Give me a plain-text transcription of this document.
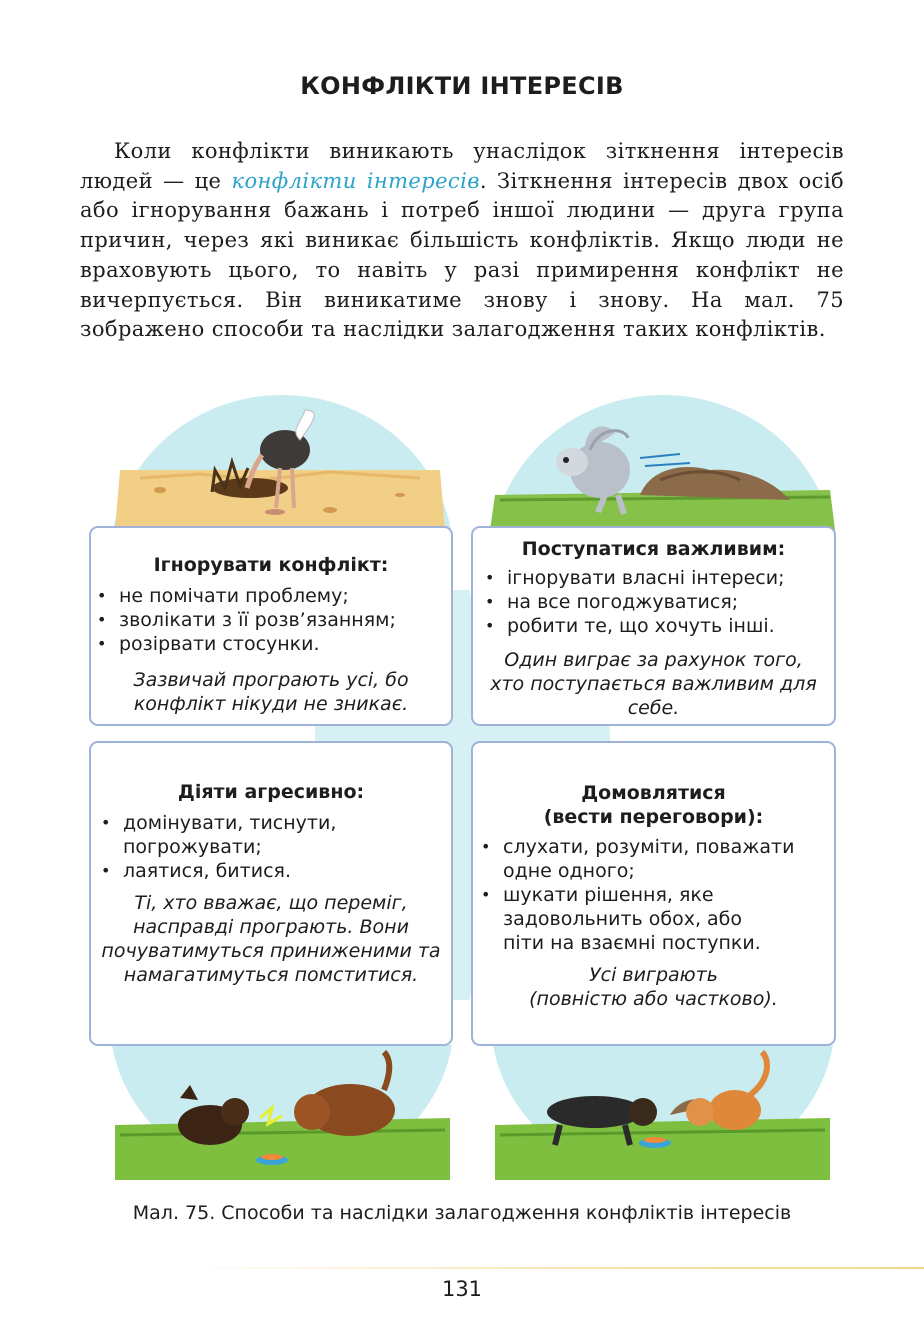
КОНФЛІКТИ ІНТЕРЕСІВ
Коли конфлікти виникають унаслідок зіткнення інтересів людей — це конфлікти інтересів. Зіткнення інтересів двох осіб або ігнорування бажань і потреб іншої людини — друга група причин, через які виникає більшість конфліктів. Якщо люди не враховують цього, то навіть у разі примирення конфлікт не вичерпується. Він виникатиме знову і знову. На мал. 75 зображено способи та наслідки залагодження таких конфліктів.
Ігнорувати конфлікт:
• не помічати проблему;
• зволікати з її розв’язанням;
• розірвати стосунки.
Зазвичай програють усі, бо конфлікт нікуди не зникає.
Поступатися важливим:
• ігнорувати власні інтереси;
• на все погоджуватися;
• робити те, що хочуть інші.
Один виграє за рахунок того, хто поступається важливим для себе.
Діяти агресивно:
• домінувати, тиснути, погрожувати;
• лаятися, битися.
Ті, хто вважає, що переміг, насправді програють. Вони почуватимуться приниженими та намагатимуться помститися.
Домовлятися
(вести переговори):
• слухати, розуміти, поважати одне одного;
• шукати рішення, яке задовольнить обох, або піти на взаємні поступки.
Усі виграють
(повністю або частково).
Мал. 75. Способи та наслідки залагодження конфліктів інтересів
131
